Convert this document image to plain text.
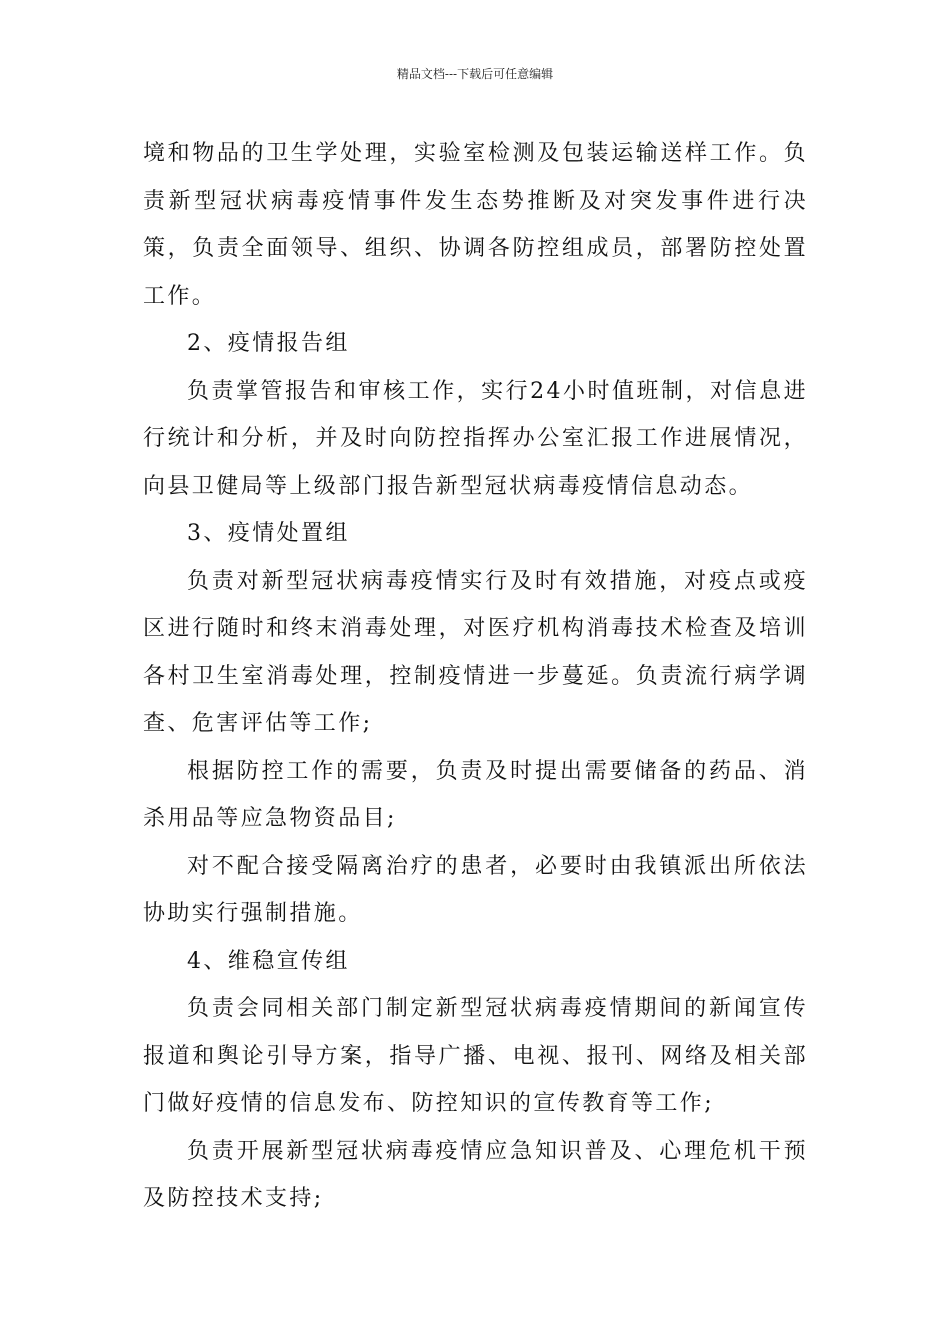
精品文档---下载后可任意编辑

境和物品的卫生学处理，实验室检测及包装运输送样工作。负责新型冠状病毒疫情事件发生态势推断及对突发事件进行决策，负责全面领导、组织、协调各防控组成员，部署防控处置工作。

2、疫情报告组

负责掌管报告和审核工作，实行24小时值班制，对信息进行统计和分析，并及时向防控指挥办公室汇报工作进展情况，向县卫健局等上级部门报告新型冠状病毒疫情信息动态。

3、疫情处置组

负责对新型冠状病毒疫情实行及时有效措施，对疫点或疫区进行随时和终末消毒处理，对医疗机构消毒技术检查及培训各村卫生室消毒处理，控制疫情进一步蔓延。负责流行病学调查、危害评估等工作;

根据防控工作的需要，负责及时提出需要储备的药品、消杀用品等应急物资品目;

对不配合接受隔离治疗的患者，必要时由我镇派出所依法协助实行强制措施。

4、维稳宣传组

负责会同相关部门制定新型冠状病毒疫情期间的新闻宣传报道和舆论引导方案，指导广播、电视、报刊、网络及相关部门做好疫情的信息发布、防控知识的宣传教育等工作;

负责开展新型冠状病毒疫情应急知识普及、心理危机干预及防控技术支持;
